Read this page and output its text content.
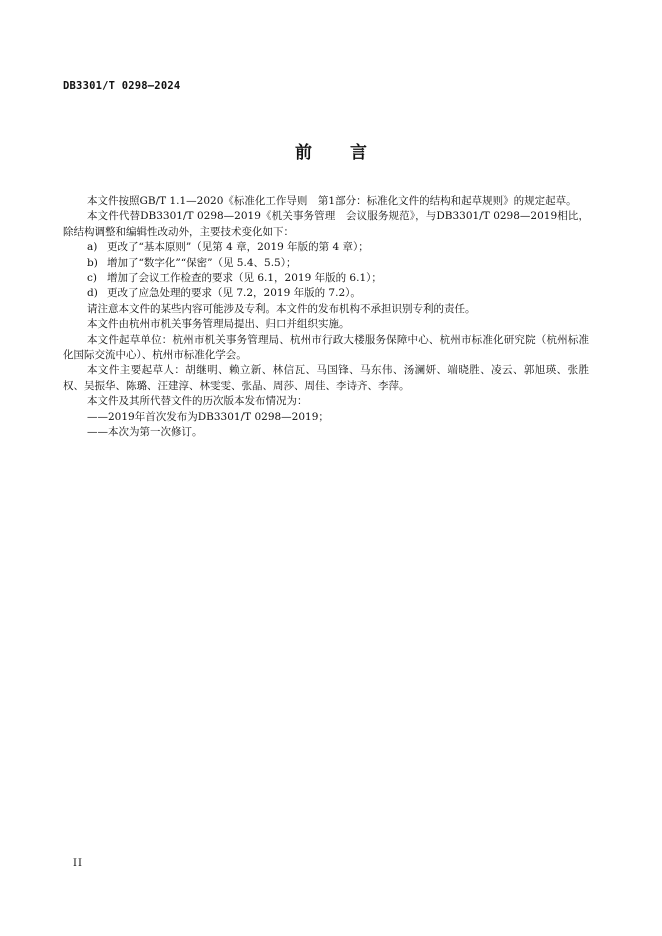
DB3301/T 0298—2024
前言

本文件按照GB/T 1.1—2020《标准化工作导则　第1部分：标准化文件的结构和起草规则》的规定起草。

本文件代替DB3301/T 0298—2019《机关事务管理　会议服务规范》，与DB3301/T 0298—2019相比，除结构调整和编辑性改动外，主要技术变化如下：

a) 更改了“基本原则”（见第 4 章，2019 年版的第 4 章）；

b) 增加了“数字化”“保密”（见 5.4、5.5）；

c) 增加了会议工作检查的要求（见 6.1，2019 年版的 6.1）；

d) 更改了应急处理的要求（见 7.2，2019 年版的 7.2）。

请注意本文件的某些内容可能涉及专利。本文件的发布机构不承担识别专利的责任。

本文件由杭州市机关事务管理局提出、归口并组织实施。

本文件起草单位：杭州市机关事务管理局、杭州市行政大楼服务保障中心、杭州市标准化研究院（杭州标准化国际交流中心）、杭州市标准化学会。

本文件主要起草人：胡继明、赖立新、林信瓦、马国锋、马东伟、汤澜妍、端晓胜、凌云、郭旭瑛、张胜权、吴振华、陈璐、汪建淳、林雯雯、张晶、周莎、周佳、李诗齐、李萍。

本文件及其所代替文件的历次版本发布情况为：

——2019年首次发布为DB3301/T 0298—2019；

——本次为第一次修订。

II
